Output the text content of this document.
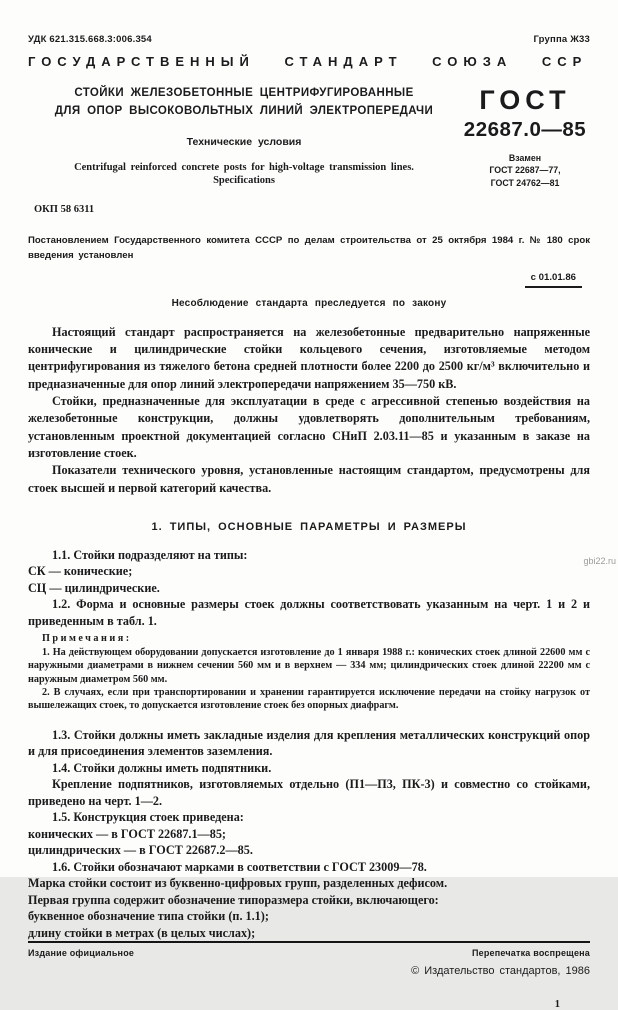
УДК 621.315.668.3:006.354	Группа Ж33
ГОСУДАРСТВЕННЫЙ СТАНДАРТ СОЮЗА ССР
СТОЙКИ ЖЕЛЕЗОБЕТОННЫЕ ЦЕНТРИФУГИРОВАННЫЕ
ДЛЯ ОПОР ВЫСОКОВОЛЬТНЫХ ЛИНИЙ ЭЛЕКТРОПЕРЕДАЧИ
Технические условия
Centrifugal reinforced concrete posts for high-voltage transmission lines.
Specifications
ОКП 58 6311
ГОСТ
22687.0—85
Взамен
ГОСТ 22687—77,
ГОСТ 24762—81
Постановлением Государственного комитета СССР по делам строительства от 25 октября 1984 г. № 180 срок введения установлен
с 01.01.86
Несоблюдение стандарта преследуется по закону

Настоящий стандарт распространяется на железобетонные предварительно напряженные конические и цилиндрические стойки кольцевого сечения, изготовляемые методом центрифугирования из тяжелого бетона средней плотности более 2200 до 2500 кг/м³ включительно и предназначенные для опор линий электропередачи напряжением 35—750 кВ.

Стойки, предназначенные для эксплуатации в среде с агрессивной степенью воздействия на железобетонные конструкции, должны удовлетворять дополнительным требованиям, установленным проектной документацией согласно СНиП 2.03.11—85 и указанным в заказе на изготовление стоек.

Показатели технического уровня, установленные настоящим стандартом, предусмотрены для стоек высшей и первой категорий качества.

1. ТИПЫ, ОСНОВНЫЕ ПАРАМЕТРЫ И РАЗМЕРЫ

1.1. Стойки подразделяют на типы:

СК — конические;

СЦ — цилиндрические.

1.2. Форма и основные размеры стоек должны соответствовать указанным на черт. 1 и 2 и приведенным в табл. 1.

Примечания:

1. На действующем оборудовании допускается изготовление до 1 января 1988 г.: конических стоек длиной 22600 мм с наружными диаметрами в нижнем сечении 560 мм и в верхнем — 334 мм; цилиндрических стоек длиной 22200 мм с наружным диаметром 560 мм.

2. В случаях, если при транспортировании и хранении гарантируется исключение передачи на стойку нагрузок от вышележащих стоек, то допускается изготовление стоек без опорных диафрагм.

1.3. Стойки должны иметь закладные изделия для крепления металлических конструкций опор и для присоединения элементов заземления.

1.4. Стойки должны иметь подпятники.

Крепление подпятников, изготовляемых отдельно (П1—П3, ПК-3) и совместно со стойками, приведено на черт. 1—2.

1.5. Конструкция стоек приведена:

конических — в ГОСТ 22687.1—85;

цилиндрических — в ГОСТ 22687.2—85.

1.6. Стойки обозначают марками в соответствии с ГОСТ 23009—78.

Марка стойки состоит из буквенно-цифровых групп, разделенных дефисом.

Первая группа содержит обозначение типоразмера стойки, включающего:

буквенное обозначение типа стойки (п. 1.1);

длину стойки в метрах (в целых числах);

Издание официальное	Перепечатка воспрещена
© Издательство стандартов, 1986
1
gbi22.ru
